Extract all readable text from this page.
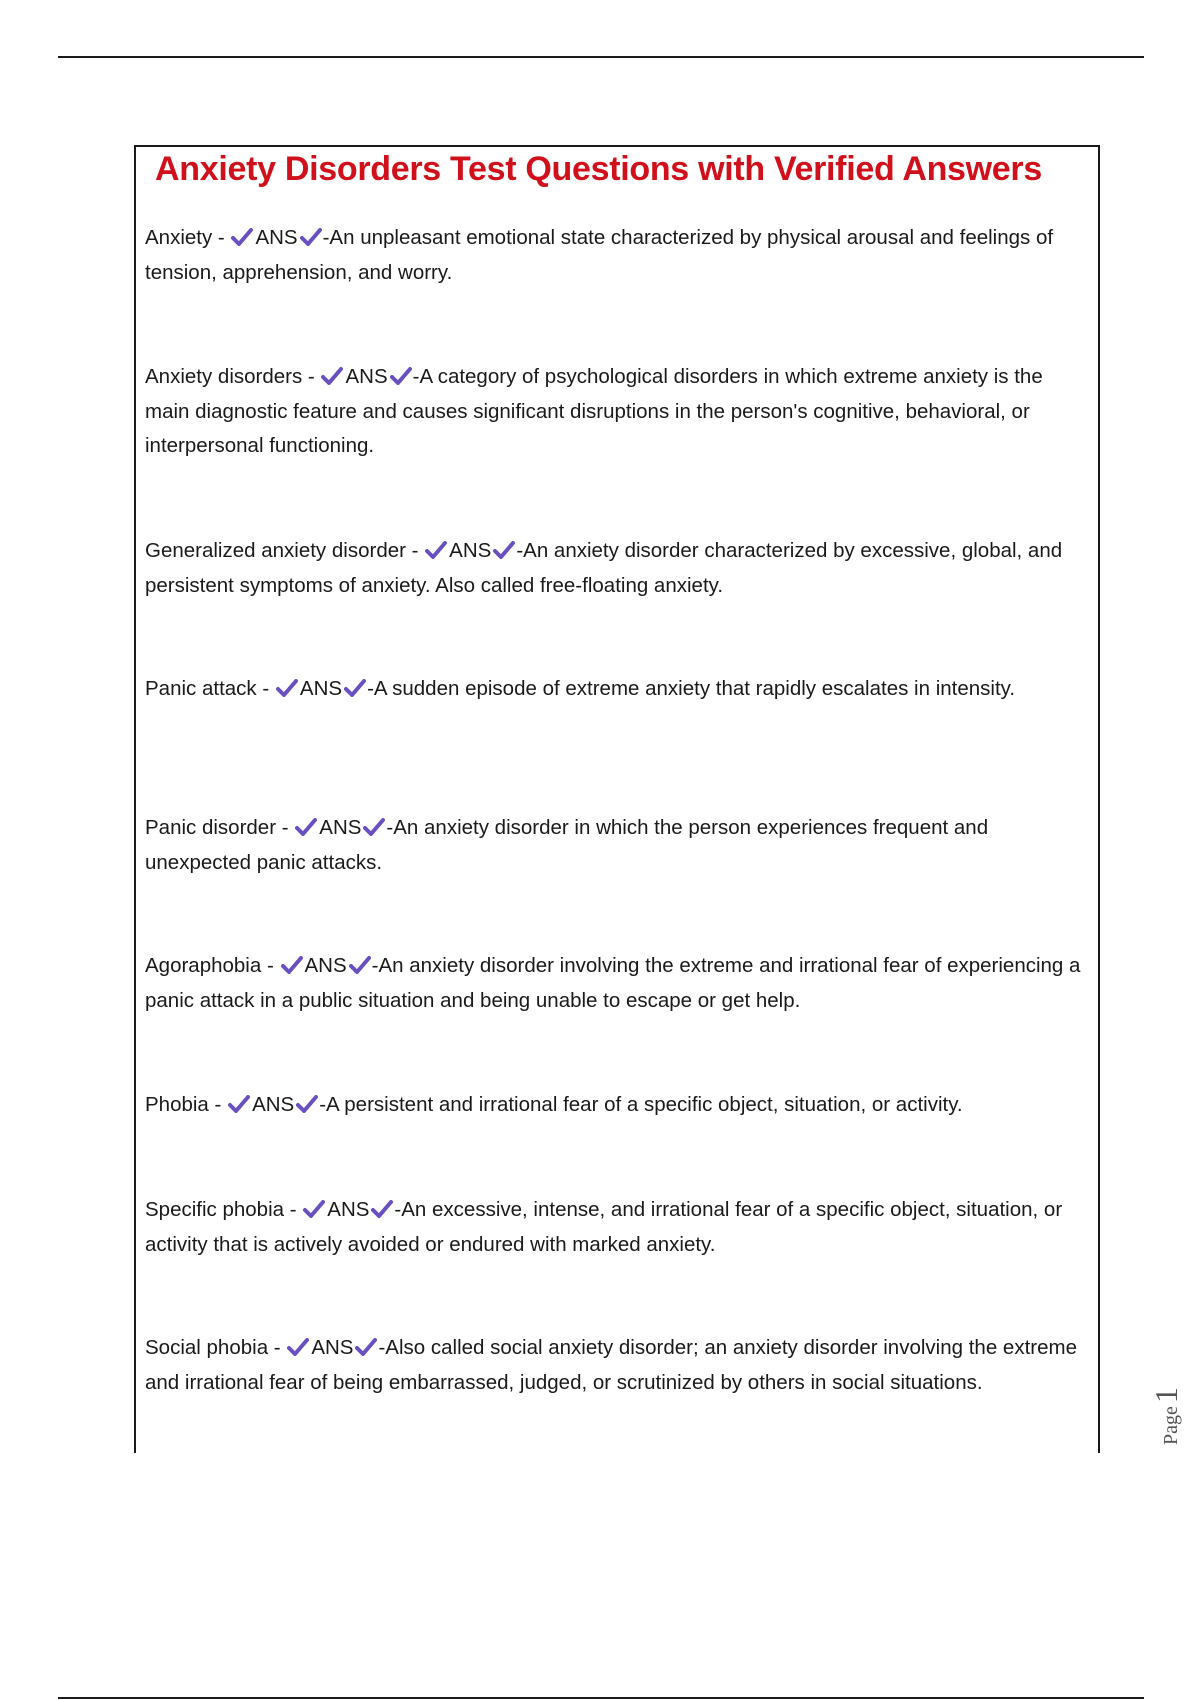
Anxiety Disorders Test Questions with Verified Answers
Anxiety - ANS -An unpleasant emotional state characterized by physical arousal and feelings of tension, apprehension, and worry.
Anxiety disorders - ANS -A category of psychological disorders in which extreme anxiety is the main diagnostic feature and causes significant disruptions in the person's cognitive, behavioral, or interpersonal functioning.
Generalized anxiety disorder - ANS -An anxiety disorder characterized by excessive, global, and persistent symptoms of anxiety. Also called free-floating anxiety.
Panic attack - ANS -A sudden episode of extreme anxiety that rapidly escalates in intensity.
Panic disorder - ANS -An anxiety disorder in which the person experiences frequent and unexpected panic attacks.
Agoraphobia - ANS -An anxiety disorder involving the extreme and irrational fear of experiencing a panic attack in a public situation and being unable to escape or get help.
Phobia - ANS -A persistent and irrational fear of a specific object, situation, or activity.
Specific phobia - ANS -An excessive, intense, and irrational fear of a specific object, situation, or activity that is actively avoided or endured with marked anxiety.
Social phobia - ANS -Also called social anxiety disorder; an anxiety disorder involving the extreme and irrational fear of being embarrassed, judged, or scrutinized by others in social situations.
Page1
